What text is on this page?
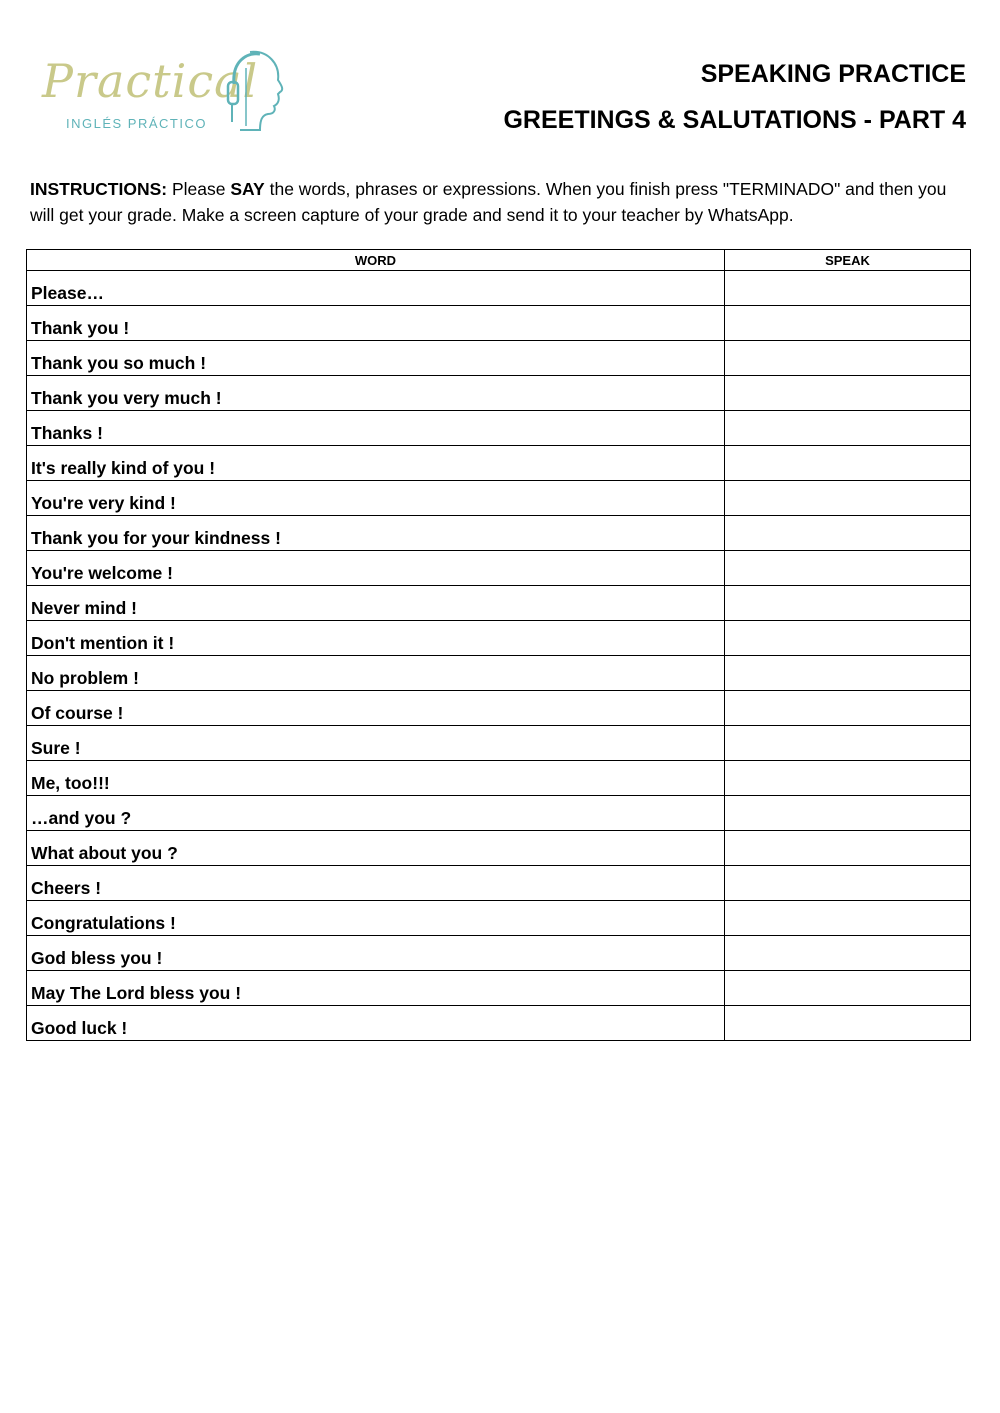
Practical
INGLÉS PRÁCTICO
SPEAKING PRACTICE
GREETINGS & SALUTATIONS - PART 4
INSTRUCTIONS: Please SAY the words, phrases or expressions. When you finish press "TERMINADO" and then you will get your grade. Make a screen capture of your grade and send it to your teacher by WhatsApp.
WORD	SPEAK
Please…	
Thank you !	
Thank you so much !	
Thank you very much !	
Thanks !	
It's really kind of you !	
You're very kind !	
Thank you for your kindness !	
You're welcome !	
Never mind !	
Don't mention it !	
No problem !	
Of course !	
Sure !	
Me, too!!!	
…and you ?	
What about you ?	
Cheers !	
Congratulations !	
God bless you !	
May The Lord bless you !	
Good luck !	
